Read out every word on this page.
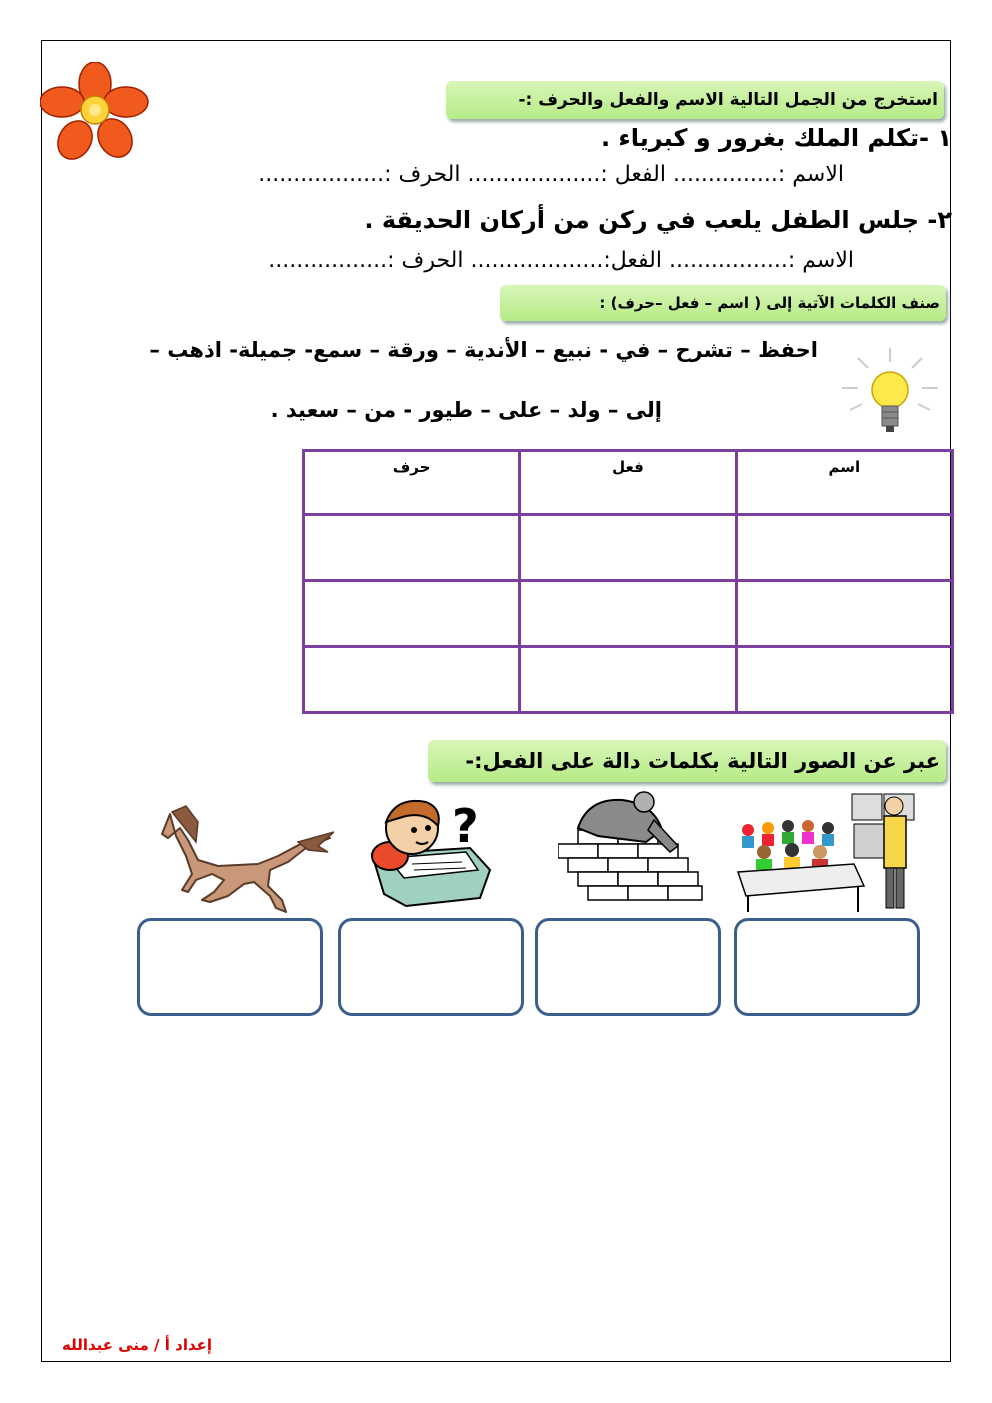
استخرج من الجمل التالية الاسم والفعل والحرف :-
١ -تكلم الملك بغرور و كبرياء .
الاسم :............... الفعل :................... الحرف :..................
٢- جلس الطفل يلعب في ركن من أركان الحديقة .
الاسم :................. الفعل:................... الحرف :.................
صنف الكلمات الآتية إلى ( اسم – فعل –حرف) :
احفظ – تشرح – في - نبيع – الأندية – ورقة – سمع- جميلة- اذهب –
إلى – ولد – على – طيور - من – سعيد .
اسم	فعل	حرف

عبر عن الصور التالية بكلمات دالة على الفعل:-
?
إعداد أ / منى عبدالله
